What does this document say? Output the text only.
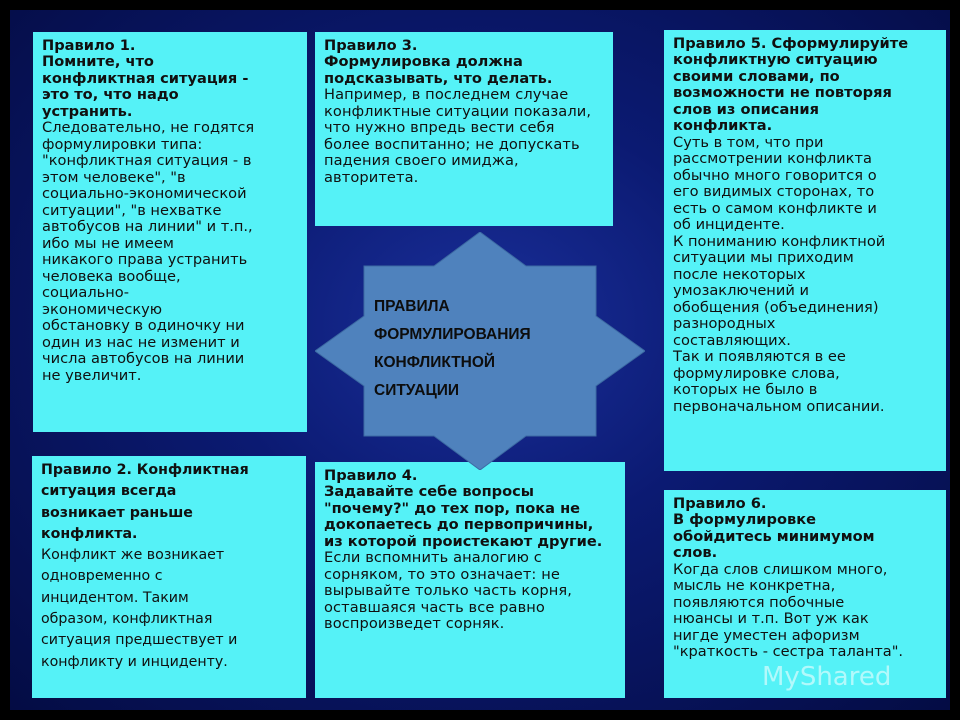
Правило 1.
Помните, что
конфликтная ситуация -
это то, что надо
устранить.
Следовательно, не годятся
формулировки типа:
"конфликтная ситуация - в
этом человеке", "в
социально-экономической
ситуации", "в нехватке
автобусов на линии" и т.п.,
ибо мы не имеем
никакого права устранить
человека вообще,
социально-
экономическую
обстановку в одиночку ни
один из нас не изменит и
числа автобусов на линии
не увеличит.
Правило 2. Конфликтная
ситуация всегда
возникает раньше
конфликта.
Конфликт же возникает
одновременно с
инцидентом. Таким
образом, конфликтная
ситуация предшествует и
конфликту и инциденту.
Правило 3.
Формулировка должна
подсказывать, что делать.
Например, в последнем случае
конфликтные ситуации показали,
что нужно впредь вести себя
более воспитанно; не допускать
падения своего имиджа,
авторитета.
Правило 4.
Задавайте себе вопросы
"почему?" до тех пор, пока не
докопаетесь до первопричины,
из которой проистекают другие.
Если вспомнить аналогию с
сорняком, то это означает: не
вырывайте только часть корня,
оставшаяся часть все равно
воспроизведет сорняк.
Правило 5. Сформулируйте
конфликтную ситуацию
своими словами, по
возможности не повторяя
слов из описания
конфликта.
Суть в том, что при
рассмотрении конфликта
обычно много говорится о
его видимых сторонах, то
есть о самом конфликте и
об инциденте.
К пониманию конфликтной
ситуации мы приходим
после некоторых
умозаключений и
обобщения (объединения)
разнородных
составляющих.
Так и появляются в ее
формулировке слова,
которых не было в
первоначальном описании.
Правило 6.
В формулировке
обойдитесь минимумом
слов.
Когда слов слишком много,
мысль не конкретна,
появляются побочные
нюансы и т.п. Вот уж как
нигде уместен афоризм
"краткость - сестра таланта".
ПРАВИЛА
ФОРМУЛИРОВАНИЯ
КОНФЛИКТНОЙ
СИТУАЦИИ
MyShared
